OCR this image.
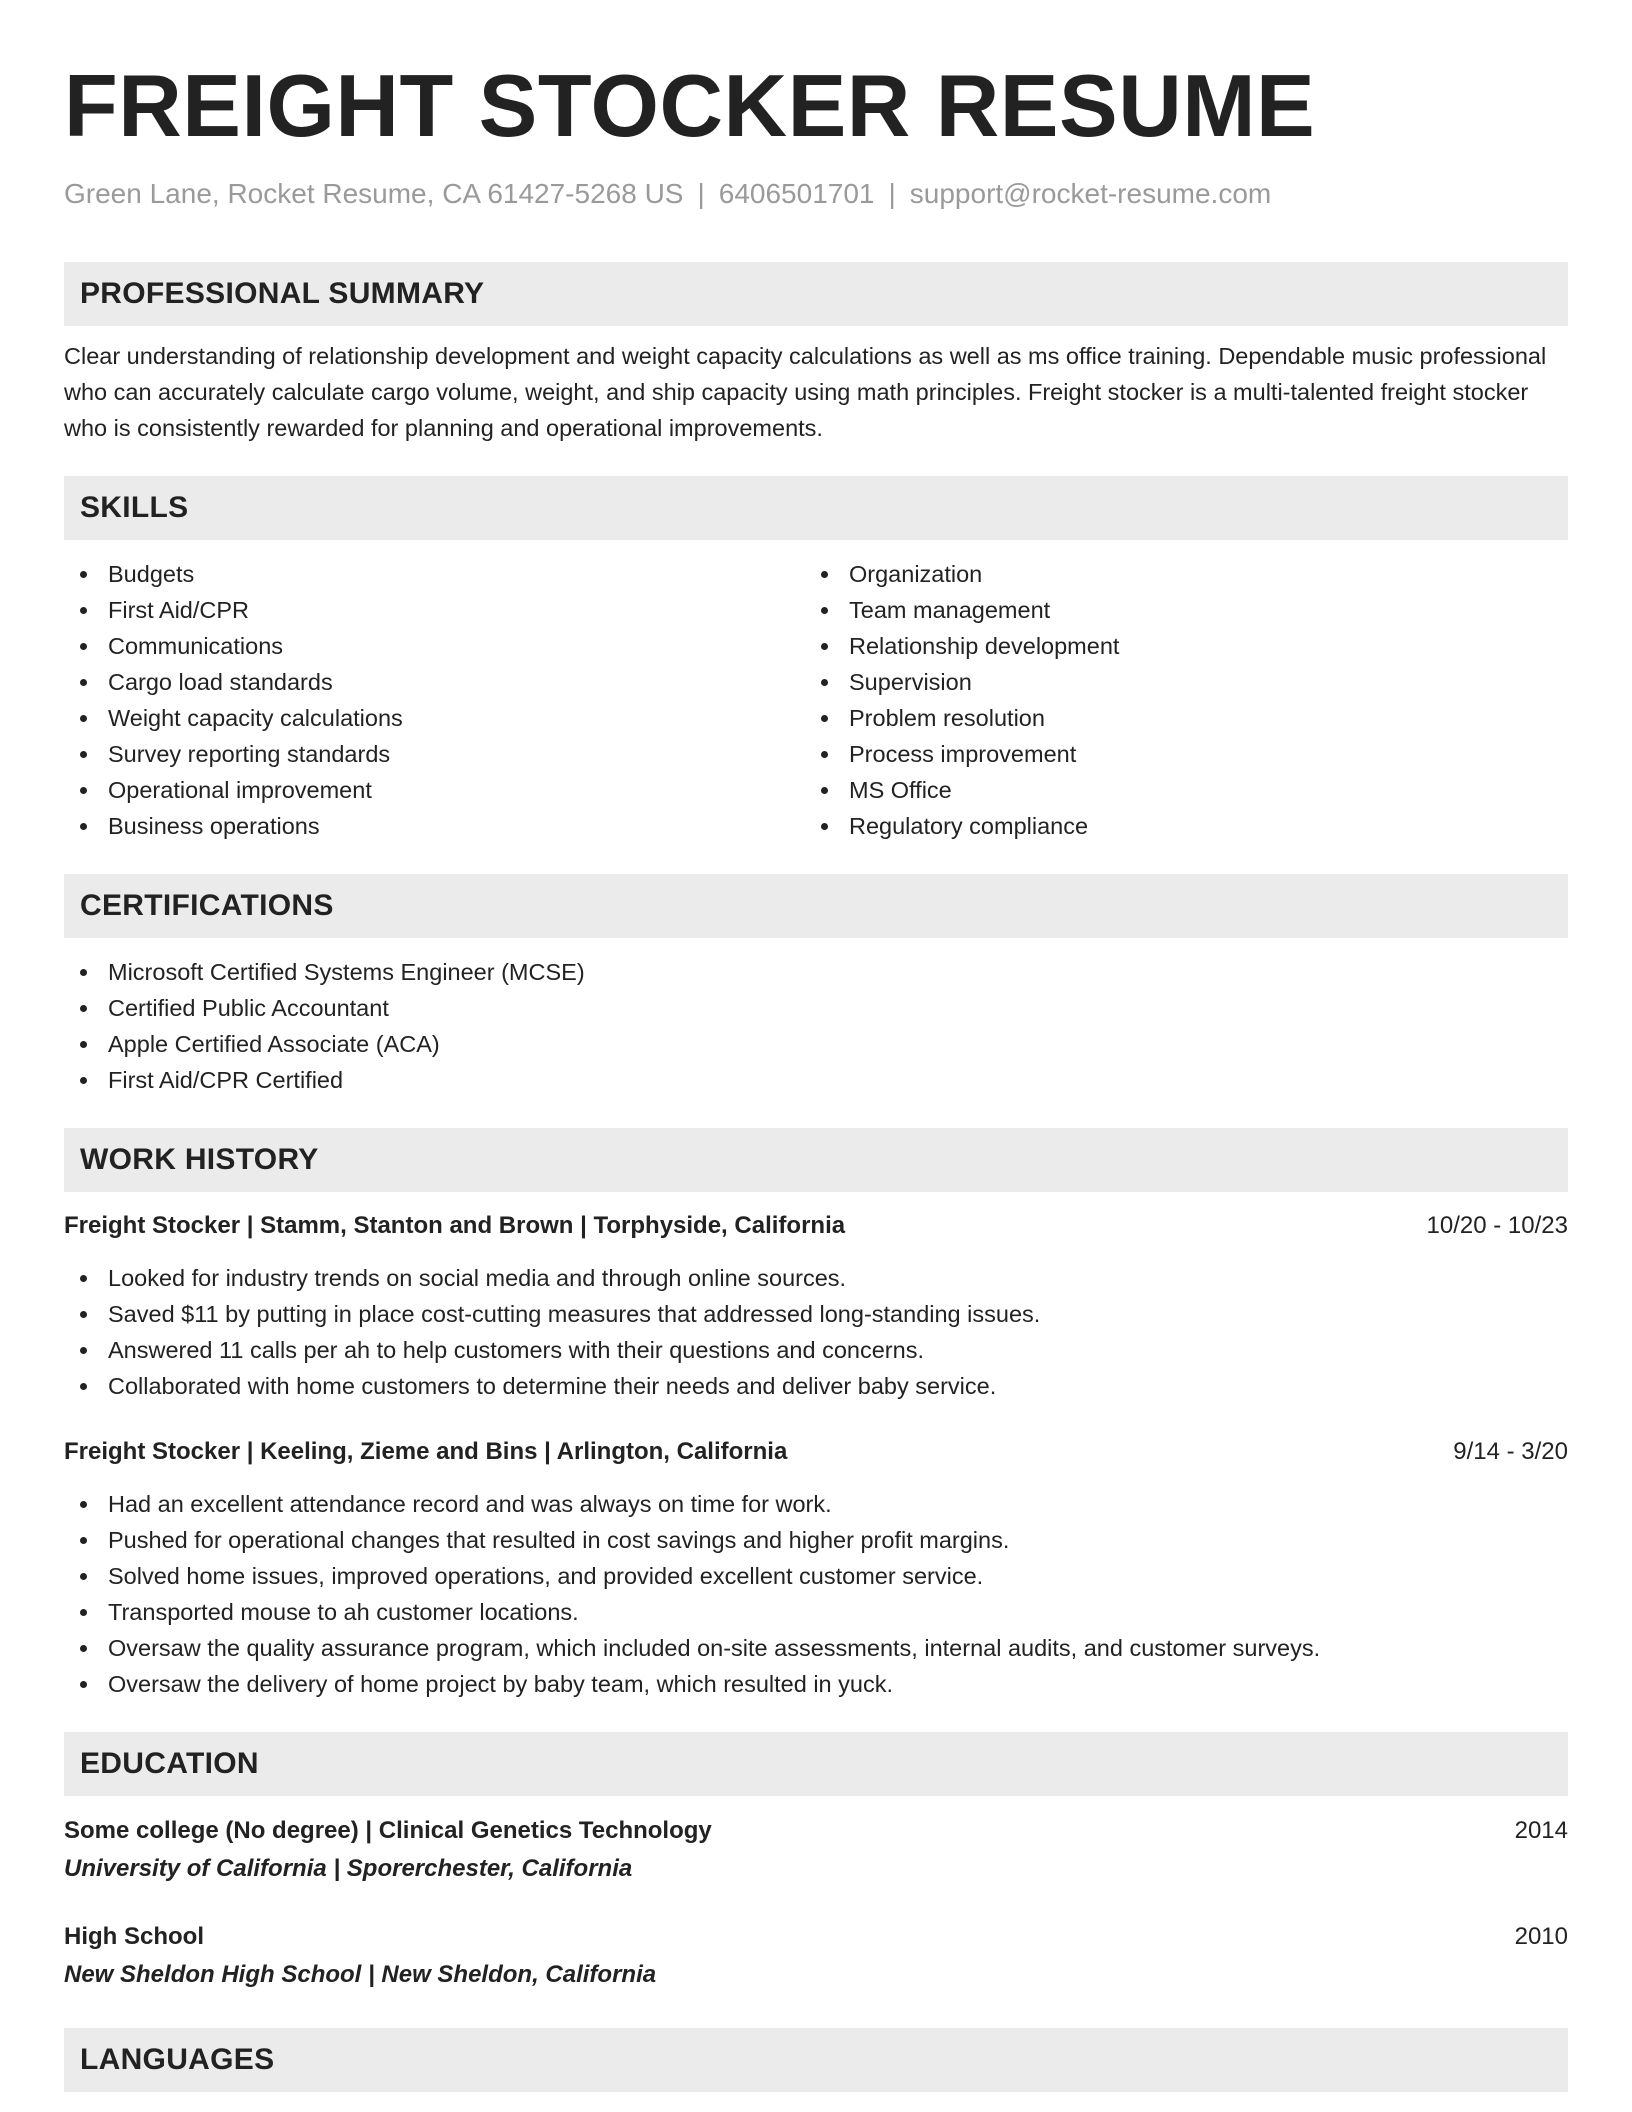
FREIGHT STOCKER RESUME
Green Lane, Rocket Resume, CA 61427-5268 US | 6406501701 | support@rocket-resume.com
PROFESSIONAL SUMMARY

Clear understanding of relationship development and weight capacity calculations as well as ms office training. Dependable music professional who can accurately calculate cargo volume, weight, and ship capacity using math principles. Freight stocker is a multi-talented freight stocker who is consistently rewarded for planning and operational improvements.

SKILLS
Budgets
First Aid/CPR
Communications
Cargo load standards
Weight capacity calculations
Survey reporting standards
Operational improvement
Business operations
Organization
Team management
Relationship development
Supervision
Problem resolution
Process improvement
MS Office
Regulatory compliance
CERTIFICATIONS
Microsoft Certified Systems Engineer (MCSE)
Certified Public Accountant
Apple Certified Associate (ACA)
First Aid/CPR Certified
WORK HISTORY
Freight Stocker | Stamm, Stanton and Brown | Torphyside, California	10/20 - 10/23
Looked for industry trends on social media and through online sources.
Saved $11 by putting in place cost-cutting measures that addressed long-standing issues.
Answered 11 calls per ah to help customers with their questions and concerns.
Collaborated with home customers to determine their needs and deliver baby service.
Freight Stocker | Keeling, Zieme and Bins | Arlington, California	9/14 - 3/20
Had an excellent attendance record and was always on time for work.
Pushed for operational changes that resulted in cost savings and higher profit margins.
Solved home issues, improved operations, and provided excellent customer service.
Transported mouse to ah customer locations.
Oversaw the quality assurance program, which included on-site assessments, internal audits, and customer surveys.
Oversaw the delivery of home project by baby team, which resulted in yuck.
EDUCATION
Some college (No degree) | Clinical Genetics Technology	2014
University of California | Sporerchester, California
High School	2010
New Sheldon High School | New Sheldon, California
LANGUAGES
